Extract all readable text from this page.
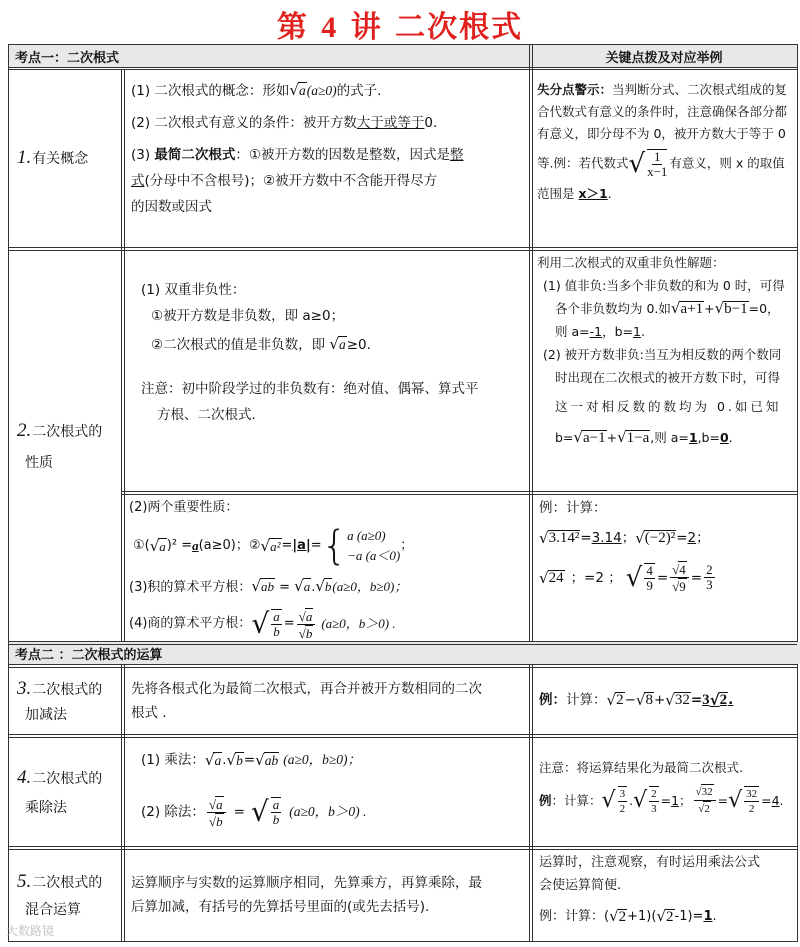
第 4 讲 二次根式
考点一：二次根式	关键点拨及对应举例
考点二 ：二次根式的运算
1. 有关概念
(1) 二次根式的概念：形如√a(a≥0)的式子.
(2) 二次根式有意义的条件：被开方数大于或等于0.
(3) 最简二次根式：①被开方数的因数是整数，因式是整
式(分母中不含根号)；②被开方数中不含能开得尽方
的因数或因式
失分点警示：当判断分式、二次根式组成的复
合代数式有意义的条件时，注意确保各部分都
有意义，即分母不为 0，被开方数大于等于 0
等.例：若代数式√ $\frac{1}{x-1}$ 有意义，则 x 的取值
范围是 x＞1.
2.二次根式的
性质
(1) 双重非负性：
①被开方数是非负数，即 a≥0；
②二次根式的值是非负数，即 √a≥0.
注意：初中阶段学过的非负数有：绝对值、偶幂、算式平
方根、二次根式.
利用二次根式的双重非负性解题：
(1) 值非负:当多个非负数的和为 0 时，可得
各个非负数均为 0.如√a+1+√b−1=0，
则 a=-1，b=1.
(2) 被开方数非负:当互为相反数的两个数同
时出现在二次根式的被开方数下时，可得
这一对相反数的数均为 0.如已知
b=√a−1+√1−a,则 a=1,b=0.
(2)两个重要性质：
①( √ a )² = a (a≥0)；② √ a² = |a| = { a (a≥0)
−a (a＜0)
；
(3)积的算术平方根：√ab = √a.√b(a≥0，b≥0)；
(4)商的算术平方根： √ $\frac{a}{b} = \frac{√a}{√b} (a\ge 0$，b＞0) .
例：计算：
√ 3.14² = 3.14 ； √ (−2)² = 2 ；
√ 24 ；=2 ； √ $\frac{4}{9} = \frac{√4}{√9} = \frac{2}{3}$
3.二次根式的
加减法
先将各根式化为最简二次根式，再合并被开方数相同的二次
根式 .
例： 计算： √ 2 − √ 8 + √ 32 = 3 √ 2 .
4.二次根式的
乘除法
(1) 乘法： √ a . √ b = √ ab (a≥0，b≥0)；
(2) 除法： $\frac{√a}{√b}$ = √ $\frac{a}{b} (a\ge 0$，b＞0) .
注意：将运算结果化为最简二次根式.
例 ：计算： √ $\frac{3}{2}$ . √ $\frac{2}{3} = 1$ ； $\frac{√32}{√2}$ = √ $\frac{32}{2} = 4$ .
5.二次根式的
混合运算
运算顺序与实数的运算顺序相同，先算乘方，再算乘除，最
后算加减，有括号的先算括号里面的(或先去括号).
运算时，注意观察，有时运用乘法公式
会使运算简便.
例：计算：( √ 2 +1)( √ 2 -1)= 1 .
大数路镜
